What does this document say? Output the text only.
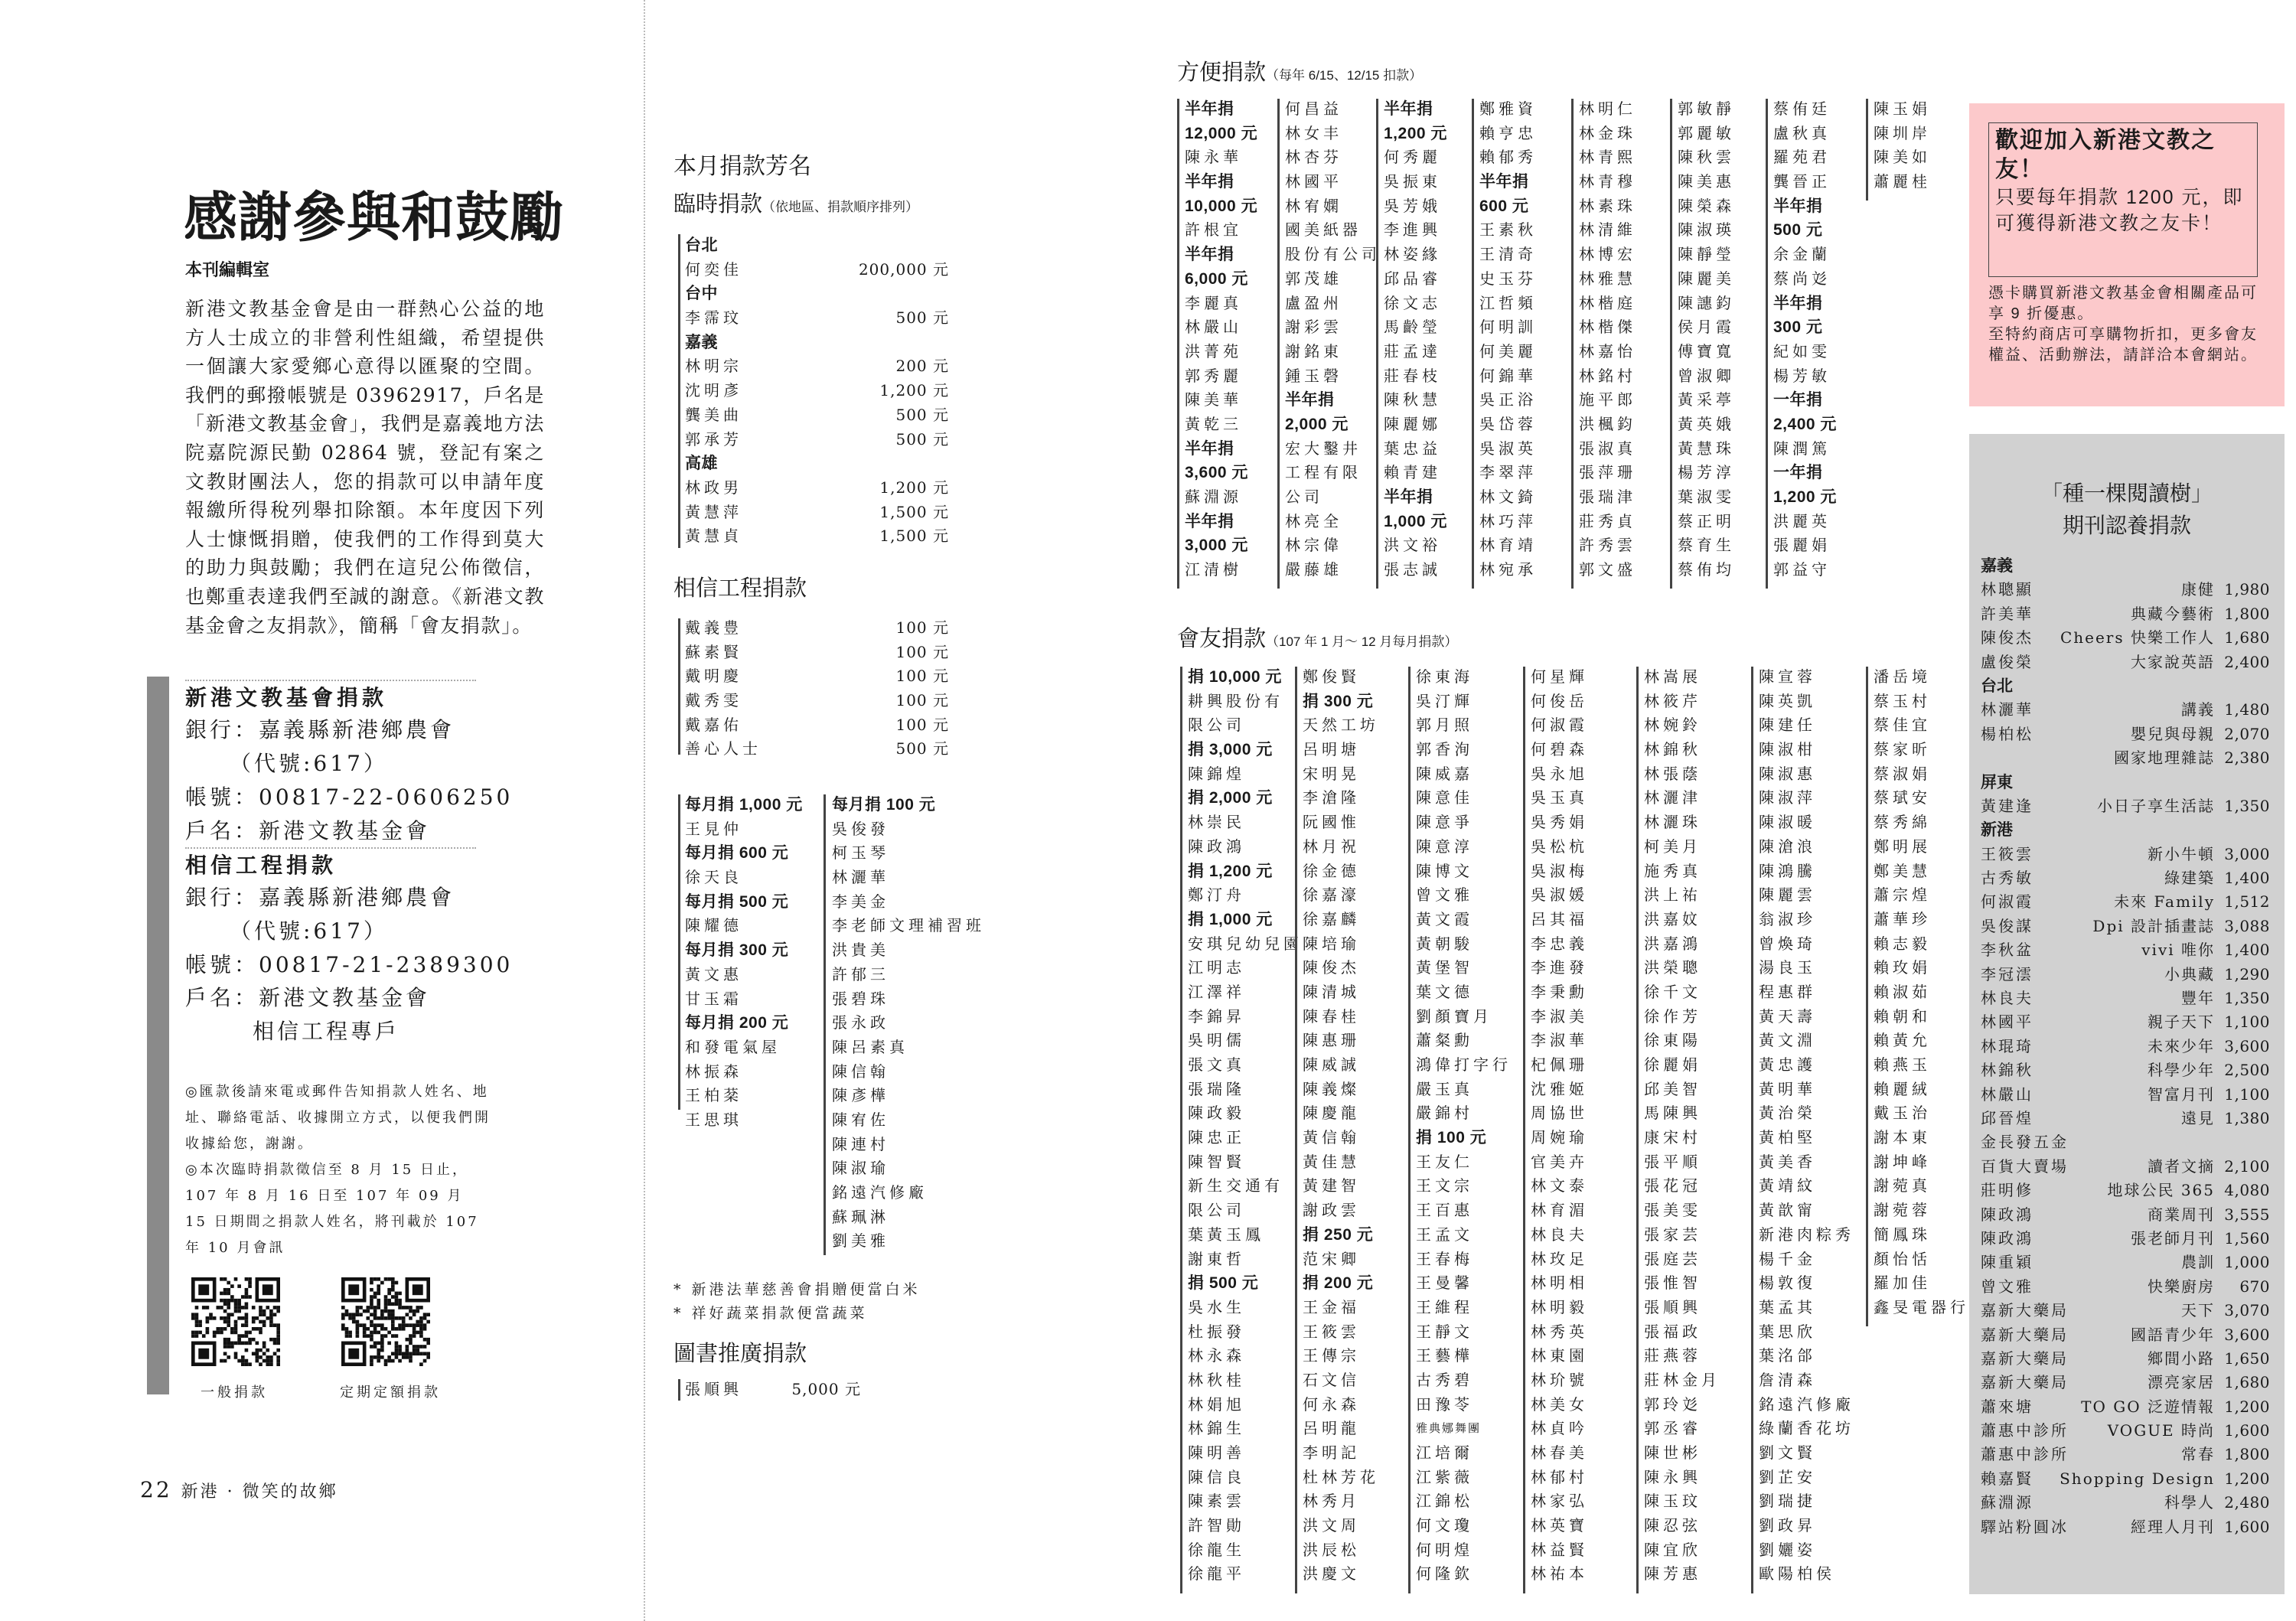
感謝參與和鼓勵
本刊編輯室
新港文教基金會是由一群熱心公益的地方人士成立的非營利性組織，希望提供一個讓大家愛鄉心意得以匯聚的空間。我們的郵撥帳號是 03962917，戶名是「新港文教基金會」，我們是嘉義地方法院嘉院源民勤 02864 號，登記有案之文教財團法人，您的捐款可以申請年度報繳所得稅列舉扣除額。本年度因下列人士慷慨捐贈，使我們的工作得到莫大的助力與鼓勵；我們在這兒公佈徵信，也鄭重表達我們至誠的謝意。《新港文教基金會之友捐款》，簡稱「會友捐款」。
新港文教基會捐款
銀行：嘉義縣新港鄉農會
（代號:617）
帳號：00817-22-0606250
戶名：新港文教基金會
相信工程捐款
銀行：嘉義縣新港鄉農會
（代號:617）
帳號：00817-21-2389300
戶名：新港文教基金會
相信工程專戶
◎匯款後請來電或郵件告知捐款人姓名、地址、聯絡電話、收據開立方式，以便我們開收據給您，謝謝。
◎本次臨時捐款徵信至 8 月 15 日止，107 年 8 月 16 日至 107 年 09 月 15 日期間之捐款人姓名，將刊載於 107 年 10 月會訊
一般捐款	定期定額捐款
22 新港 · 微笑的故鄉
本月捐款芳名
臨時捐款（依地區、捐款順序排列）
台北
何奕佳	200,000 元
台中
李霈玟	500 元
嘉義
林明宗	200 元
沈明彥	1,200 元
龔美曲	500 元
郭承芳	500 元
高雄
林政男	1,200 元
黃慧萍	1,500 元
黃慧貞	1,500 元
相信工程捐款
戴義豊	100 元
蘇素賢	100 元
戴明慶	100 元
戴秀雯	100 元
戴嘉佑	100 元
善心人士	500 元
每月捐 1,000 元
王見仲
每月捐 600 元
徐天良
每月捐 500 元
陳耀德
每月捐 300 元
黃文惠
甘玉霜
每月捐 200 元
和發電氣屋
林振森
王柏棻
王思琪
每月捐 100 元
吳俊發
柯玉琴
林灑華
李美金
李老師文理補習班
洪貴美
許郁三
張碧珠
張永政
陳呂素真
陳信翰
陳彥樺
陳宥佐
陳連村
陳淑瑜
銘遠汽修廠
蘇珮淋
劉美雅
* 新港法華慈善會捐贈便當白米
* 祥好蔬菜捐款便當蔬菜
圖書推廣捐款
張順興	5,000 元
方便捐款（每年 6/15、12/15 扣款）
半年捐
12,000 元
陳永華
半年捐
10,000 元
許根宜
半年捐
6,000 元
李麗真
林嚴山
洪菁苑
郭秀麗
陳美華
黃乾三
半年捐
3,600 元
蘇淵源
半年捐
3,000 元
江清樹
何昌益
林女丰
林杏芬
林國平
林宥嫻
國美紙器
股份有公司
郭茂雄
盧盈州
謝彩雲
謝銘東
鍾玉磬
半年捐
2,000 元
宏大鑿井
工程有限
公司
林亮全
林宗偉
嚴藤雄
半年捐
1,200 元
何秀麗
吳振東
吳芳娥
李進興
林姿緣
邱品睿
徐文志
馬齡瑩
莊孟達
莊春枝
陳秋慧
陳麗娜
葉忠益
賴青建
半年捐
1,000 元
洪文裕
張志誠
鄭雅資
賴亨忠
賴郁秀
半年捐
600 元
王素秋
王清奇
史玉芬
江哲頻
何明訓
何美麗
何錦華
吳正浴
吳岱蓉
吳淑英
李翠萍
林文錡
林巧萍
林育靖
林宛承
林明仁
林金珠
林青熙
林青穆
林素珠
林清維
林博宏
林雅慧
林楷庭
林楷傑
林嘉怡
林銘村
施平郎
洪楓鈞
張淑真
張萍珊
張瑞津
莊秀貞
許秀雲
郭文盛
郭敏靜
郭麗敏
陳秋雲
陳美惠
陳榮森
陳淑瑛
陳靜瑩
陳麗美
陳譓鈞
侯月霞
傅寶寬
曾淑卿
黃采葶
黃英娥
黃慧珠
楊芳淳
葉淑雯
蔡正明
蔡育生
蔡侑均
蔡侑廷
盧秋真
羅苑君
龔晉正
半年捐
500 元
余金蘭
蔡尚彣
半年捐
300 元
紀如雯
楊芳敏
一年捐
2,400 元
陳潤篤
一年捐
1,200 元
洪麗英
張麗娟
郭益守
陳玉娟
陳圳岸
陳美如
蕭麗桂
會友捐款（107 年 1 月～ 12 月每月捐款）
捐 10,000 元
耕興股份有
限公司
捐 3,000 元
陳錦煌
捐 2,000 元
林崇民
陳政鴻
捐 1,200 元
鄭汀舟
捐 1,000 元
安琪兒幼兒園
江明志
江澤祥
李錦昇
吳明儒
張文真
張瑞隆
陳政毅
陳忠正
陳智賢
新生交通有
限公司
葉黃玉鳳
謝東哲
捐 500 元
吳水生
杜振發
林永森
林秋桂
林娟旭
林錦生
陳明善
陳信良
陳素雲
許智勛
徐龍生
徐龍平
鄭俊賢
捐 300 元
天然工坊
呂明塘
宋明晃
李滄隆
阮國惟
林月祝
徐金德
徐嘉濠
徐嘉麟
陳培瑜
陳俊杰
陳清城
陳春桂
陳惠珊
陳威誠
陳義燦
陳慶龍
黃信翰
黃佳慧
黃建智
謝政雲
捐 250 元
范宋卿
捐 200 元
王金福
王筱雲
王傳宗
石文信
何永森
呂明龍
李明記
杜林芳花
林秀月
洪文周
洪辰松
洪慶文
徐東海
吳汀輝
郭月照
郭香洵
陳威嘉
陳意佳
陳意爭
陳意淳
陳博文
曾文雅
黃文霞
黃朝駿
黃堡智
葉文德
劉顏寶月
蕭粲勳
鴻偉打字行
嚴玉真
嚴錦村
捐 100 元
王友仁
王文宗
王百惠
王孟文
王春梅
王曼馨
王維程
王靜文
王藝樺
古秀碧
田豫苓
雅典娜舞團
江培爾
江紫薇
江錦松
何文瓊
何明煌
何隆欽
何星輝
何俊岳
何淑霞
何碧森
吳永旭
吳玉真
吳秀娟
吳松杭
吳淑梅
吳淑媛
呂其福
李忠義
李進發
李秉勳
李淑美
李淑華
杞佩珊
沈雅姬
周協世
周婉瑜
官美卉
林文泰
林育湄
林良夫
林玫足
林明相
林明毅
林秀英
林東園
林玠號
林美女
林貞吟
林春美
林郁村
林家弘
林英寶
林益賢
林祐本
林嵩展
林筱芹
林婉鈴
林錦秋
林張蔭
林灑津
林灑珠
柯美月
施秀真
洪上祐
洪嘉妏
洪嘉鴻
洪榮聰
徐千文
徐作芳
徐東陽
徐麗娟
邱美智
馬陳興
康宋村
張平順
張花冠
張美雯
張家芸
張庭芸
張惟智
張順興
張福政
莊燕蓉
莊林金月
郭玲彣
郭丞睿
陳世彬
陳永興
陳玉玟
陳忍弦
陳宜欣
陳芳惠
陳宣蓉
陳英凱
陳建任
陳淑柑
陳淑惠
陳淑萍
陳淑暖
陳滄浪
陳鴻騰
陳麗雲
翁淑珍
曾煥琦
湯良玉
程惠群
黃天壽
黃文淵
黃忠護
黃明華
黃治榮
黃柏堅
黃美香
黃靖紋
黃歆甯
新港肉粽秀
楊千金
楊敦復
葉孟其
葉思欣
葉洺郃
詹清森
銘遠汽修廠
綠蘭香花坊
劉文賢
劉芷安
劉瑞捷
劉政昇
劉孋姿
歐陽柏侯
潘岳境
蔡玉村
蔡佳宜
蔡家昕
蔡淑娟
蔡珷安
蔡秀綿
鄭明展
鄭美慧
蕭宗煌
蕭華珍
賴志毅
賴玫娟
賴淑茹
賴朝和
賴黃允
賴燕玉
賴麗絨
戴玉治
謝本東
謝坤峰
謝菀真
謝菀蓉
簡鳳珠
顏怡恬
羅加佳
鑫旻電器行
歡迎加入新港文教之友！
只要每年捐款 1200 元，即可獲得新港文教之友卡！
憑卡購買新港文教基金會相關產品可享 9 折優惠。
至特約商店可享購物折扣，更多會友權益、活動辦法，請詳洽本會網站。
「種一棵閱讀樹」
期刊認養捐款
嘉義
林聰顯	康健 1,980
許美華	典藏今藝術 1,800
陳俊杰 Cheers 快樂工作人 1,680
盧俊榮	大家說英語 2,400
台北
林灑華	講義 1,480
楊柏松	嬰兒與母親 2,070
國家地理雜誌 2,380
屏東
黃建逢	小日子享生活誌 1,350
新港
王筱雲	新小牛頓 3,000
古秀敏	綠建築 1,400
何淑霞	未來 Family 1,512
吳俊謀	Dpi 設計插畫誌 3,088
李秋盆	vivi 唯你 1,400
李冠澐	小典藏 1,290
林良夫	豐年 1,350
林國平	親子天下 1,100
林琨琦	未來少年 3,600
林錦秋	科學少年 2,500
林嚴山	智富月刊 1,100
邱晉煌	遠見 1,380
金長發五金
百貨大賣場	讀者文摘 2,100
莊明修	地球公民 365 4,080
陳政鴻	商業周刊 3,555
陳政鴻	張老師月刊 1,560
陳重穎	農訓 1,000
曾文雅	快樂廚房 670
嘉新大藥局	天下 3,070
嘉新大藥局	國語青少年 3,600
嘉新大藥局	鄉間小路 1,650
嘉新大藥局	漂亮家居 1,680
蕭來塘	TO GO 泛遊情報 1,200
蕭惠中診所	VOGUE 時尚 1,600
蕭惠中診所	常春 1,800
賴嘉賢 Shopping Design 1,200
蘇淵源	科學人 2,480
驛站粉圓冰	經理人月刊 1,600
